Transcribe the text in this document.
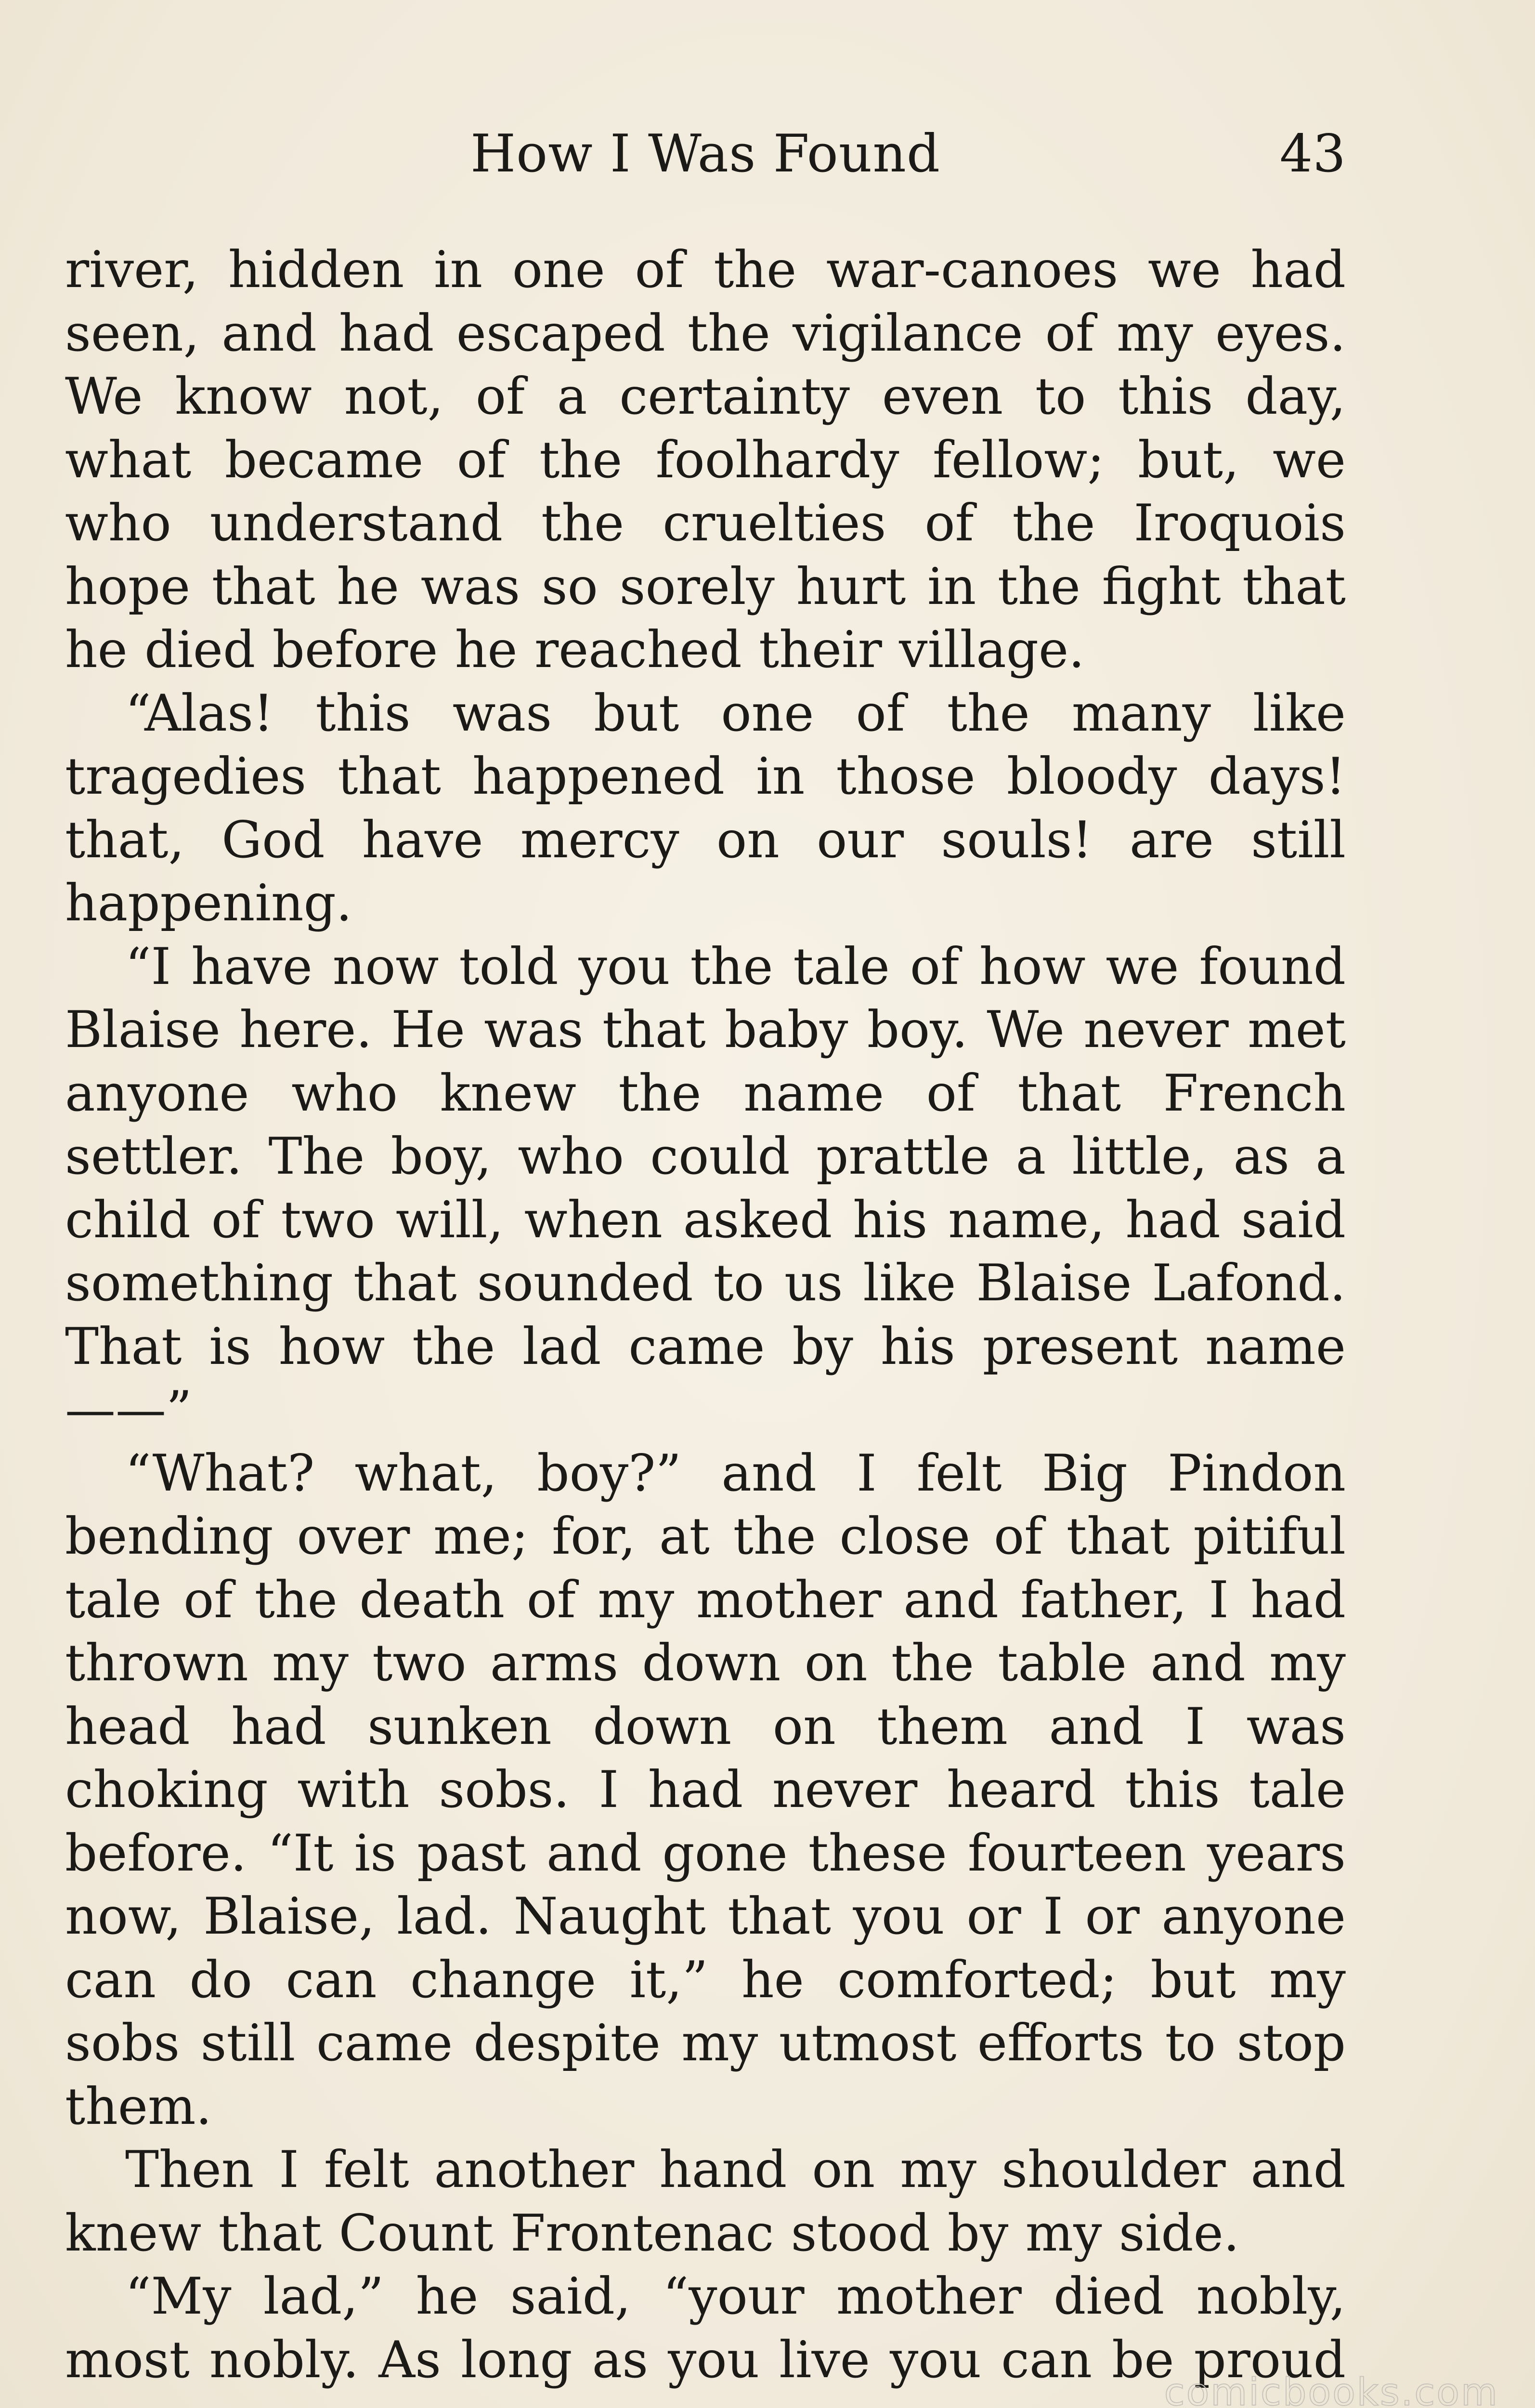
How I Was Found	43

river, hidden in one of the war-canoes we had seen, and had escaped the vigilance of my eyes. We know not, of a certainty even to this day, what became of the foolhardy fellow; but, we who understand the cruelties of the Iroquois hope that he was so sorely hurt in the fight that he died before he reached their village.

“Alas! this was but one of the many like tragedies that happened in those bloody days! that, God have mercy on our souls! are still happening.

“I have now told you the tale of how we found Blaise here. He was that baby boy. We never met anyone who knew the name of that French settler. The boy, who could prattle a little, as a child of two will, when asked his name, had said something that sounded to us like Blaise Lafond. That is how the lad came by his present name——”

“What? what, boy?” and I felt Big Pindon bending over me; for, at the close of that pitiful tale of the death of my mother and father, I had thrown my two arms down on the table and my head had sunken down on them and I was choking with sobs. I had never heard this tale before. “It is past and gone these fourteen years now, Blaise, lad. Naught that you or I or anyone can do can change it,” he comforted; but my sobs still came despite my utmost efforts to stop them.

Then I felt another hand on my shoulder and knew that Count Frontenac stood by my side.

“My lad,” he said, “your mother died nobly, most nobly. As long as you live you can be proud

comicbooks.com
